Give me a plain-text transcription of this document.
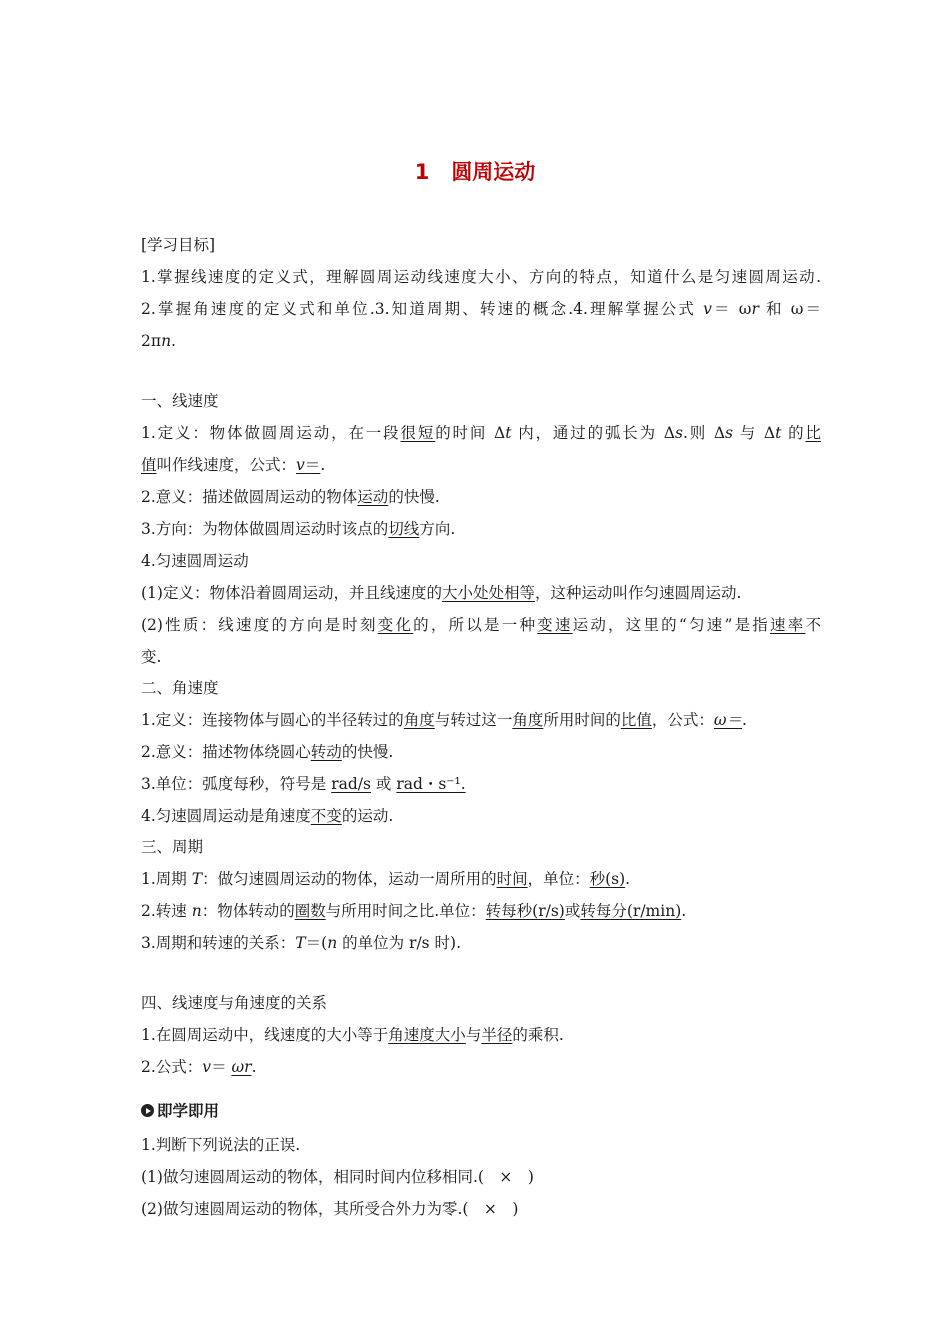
1 圆周运动
[学习目标]
1.掌握线速度的定义式，理解圆周运动线速度大小、方向的特点，知道什么是匀速圆周运动.
2.掌握角速度的定义式和单位.3.知道周期、转速的概念.4.理解掌握公式 v＝ ωr 和 ω＝
2πn.
一、线速度
1.定义：物体做圆周运动，在一段很短的时间 Δt 内，通过的弧长为 Δs.则 Δs 与 Δt 的比
值叫作线速度，公式：v＝.
2.意义：描述做圆周运动的物体运动的快慢.
3.方向：为物体做圆周运动时该点的切线方向.
4.匀速圆周运动
(1)定义：物体沿着圆周运动，并且线速度的大小处处相等，这种运动叫作匀速圆周运动.
(2)性质：线速度的方向是时刻变化的，所以是一种变速运动，这里的“匀速”是指速率不
变.
二、角速度
1.定义：连接物体与圆心的半径转过的角度与转过这一角度所用时间的比值，公式：ω＝.
2.意义：描述物体绕圆心转动的快慢.
3.单位：弧度每秒，符号是 rad/s 或 rad・s⁻¹.
4.匀速圆周运动是角速度不变的运动.
三、周期
1.周期 T：做匀速圆周运动的物体，运动一周所用的时间，单位：秒(s).
2.转速 n：物体转动的圈数与所用时间之比.单位：转每秒(r/s)或转每分(r/min).
3.周期和转速的关系：T＝(n 的单位为 r/s 时).
四、线速度与角速度的关系
1.在圆周运动中，线速度的大小等于角速度大小与半径的乘积.
2.公式：v＝ ωr.
即学即用
1.判断下列说法的正误.
(1)做匀速圆周运动的物体，相同时间内位移相同.(　×　)
(2)做匀速圆周运动的物体，其所受合外力为零.(　×　)
